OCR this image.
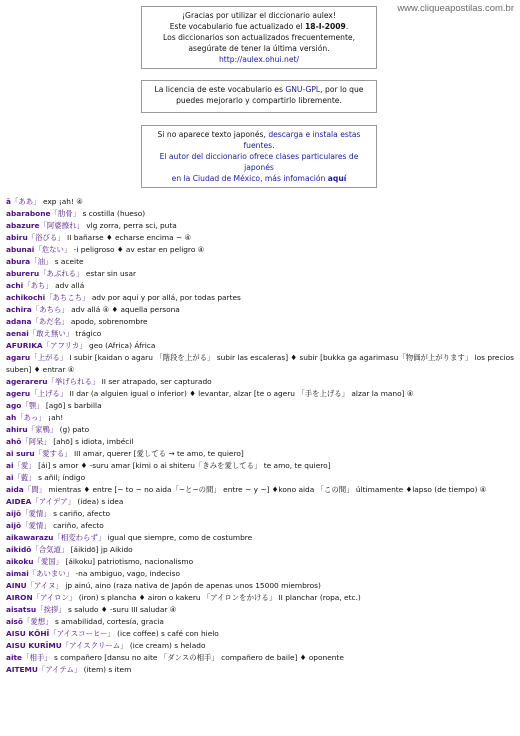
www.cliqueapostilas.com.br
¡Gracias por utilizar el diccionario aulex!
Este vocabulario fue actualizado el 18-I-2009.
Los diccionarios son actualizados frecuentemente,
asegúrate de tener la última versión.
http://aulex.ohui.net/
La licencia de este vocabulario es GNU-GPL, por lo que puedes mejorarlo y compartirlo libremente.
Si no aparece texto japonés, descarga e instala estas fuentes.
El autor del diccionario ofrece clases particulares de japonés
en la Ciudad de México, más infomación aquí
ā「ああ」 exp ¡ah! ④
abarabone「肋骨」 s costilla (hueso)
abazure「阿婆擦れ」 vlg zorra, perra sci, puta
abiru「浴びる」 II bañarse ♦ echarse encima ~ ④
abunai「危ない」 -i peligroso ♦ av estar en peligro ④
abura「油」 s aceite
abureru「あぶれる」 estar sin usar
achi「あち」 adv allá
achikochi「あちこち」 adv por aquí y por allá, por todas partes
achira「あちら」 adv allá ④ ♦ aquella persona
adana「あだ名」 apodo, sobrenombre
aenai「敢え無い」 trágico
AFURIKA「アフリカ」 geo (Africa) África
agaru「上がる」 I subir [kaidan o agaru 「階段を上がる」 subir las escaleras] ♦ subir [bukka ga agarimasu「物価が上がります」 los precios suben] ♦ entrar ④
agerareru「挙げられる」 II ser atrapado, ser capturado
ageru「上げる」 II dar (a alguien igual o inferior) ♦ levantar, alzar [te o ageru 「手を上げる」 alzar la mano] ④
ago「顎」 [agō] s barbilla
ah「あっ」 ¡ah!
ahiru「家鴨」 (g) pato
ahō「阿呆」 [ahō] s idiota, imbécil
ai suru「愛する」 III amar, querer [愛してる → te amo, te quiero]
ai「愛」 [ái] s amor ♦ -suru amar [kimi o ai shiteru「きみを愛してる」 te amo, te quiero]
ai「藍」 s añil; índigo
aida「間」 mientras ♦ entre [~ to ~ no aida「~と~の間」 entre ~ y ~] ♦kono aida 「この間」 últimamente ♦lapso (de tiempo) ④
AIDEA「アイデア」 (idea) s idea
aijō「愛情」 s cariño, afecto
aijō「愛情」 cariño, afecto
aikawarazu「相変わらず」 igual que siempre, como de costumbre
aikidō「合気道」 [áikidō] jp Aikido
aikoku「愛国」 [áikoku] patriotismo, nacionalismo
aimai「あいまい」 -na ambiguo, vago, indeciso
AINU「アイヌ」 jp ainú, aino (raza nativa de Japón de apenas unos 15000 miembros)
AIRON「アイロン」 (iron) s plancha ♦ airon o kakeru 「アイロンをかける」 II planchar (ropa, etc.)
aisatsu「挨拶」 s saludo ♦ -suru III saludar ④
aisō「愛想」 s amabilidad, cortesía, gracia
AISU KŌHĪ「アイスコーヒー」 (ice coffee) s café con hielo
AISU KURĪMU「アイスクリーム」 (ice cream) s helado
aite「相手」 s compañero [dansu no aite 「ダンスの相手」 compañero de baile] ♦ oponente
AITEMU「アイテム」 (item) s item
